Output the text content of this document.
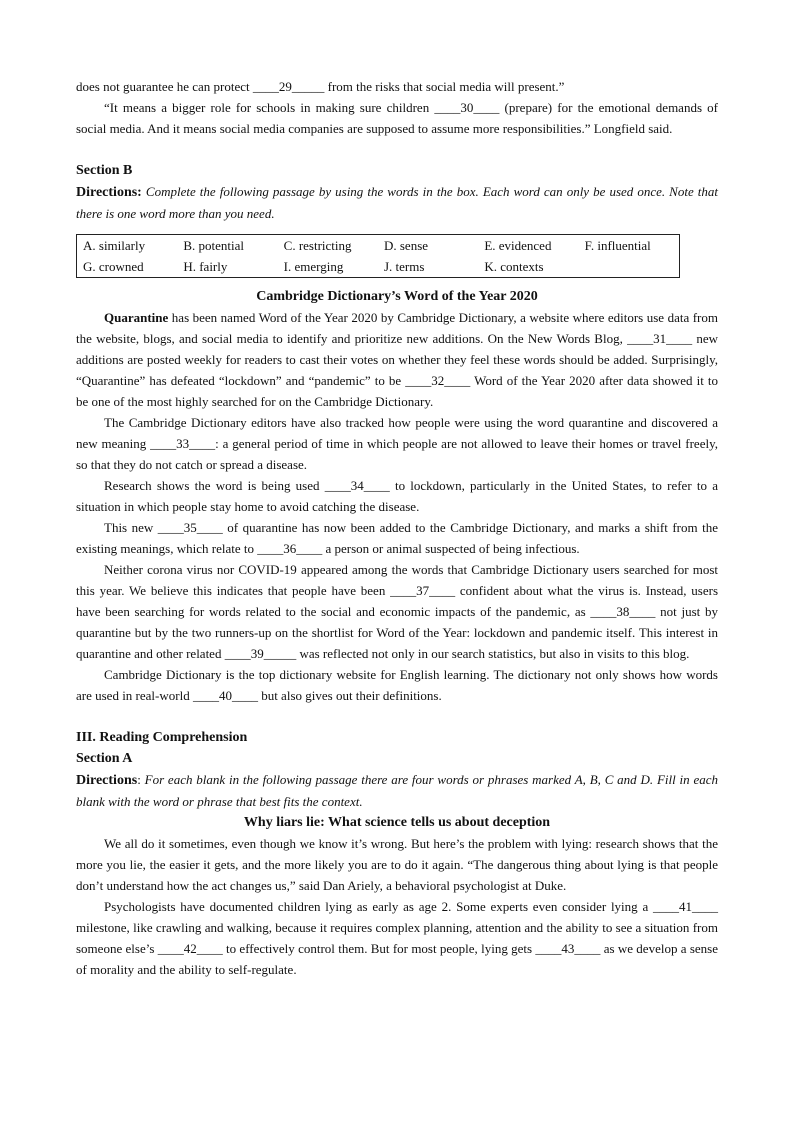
does not guarantee he can protect ____29_____ from the risks that social media will present.”

“It means a bigger role for schools in making sure children ____30____ (prepare) for the emotional demands of social media. And it means social media companies are supposed to assume more responsibilities.” Longfield said.

Section B

Directions: Complete the following passage by using the words in the box. Each word can only be used once. Note that there is one word more than you need.

A. similarly	B. potential	C. restricting	D. sense	E. evidenced	F. influential
G. crowned	H. fairly	I. emerging	J. terms	K. contexts
Cambridge Dictionary’s Word of the Year 2020

Quarantine has been named Word of the Year 2020 by Cambridge Dictionary, a website where editors use data from the website, blogs, and social media to identify and prioritize new additions. On the New Words Blog, ____31____ new additions are posted weekly for readers to cast their votes on whether they feel these words should be added. Surprisingly, “Quarantine” has defeated “lockdown” and “pandemic” to be ____32____ Word of the Year 2020 after data showed it to be one of the most highly searched for on the Cambridge Dictionary.

The Cambridge Dictionary editors have also tracked how people were using the word quarantine and discovered a new meaning ____33____: a general period of time in which people are not allowed to leave their homes or travel freely, so that they do not catch or spread a disease.

Research shows the word is being used ____34____ to lockdown, particularly in the United States, to refer to a situation in which people stay home to avoid catching the disease.

This new ____35____ of quarantine has now been added to the Cambridge Dictionary, and marks a shift from the existing meanings, which relate to ____36____ a person or animal suspected of being infectious.

Neither corona virus nor COVID-19 appeared among the words that Cambridge Dictionary users searched for most this year. We believe this indicates that people have been ____37____ confident about what the virus is. Instead, users have been searching for words related to the social and economic impacts of the pandemic, as ____38____ not just by quarantine but by the two runners-up on the shortlist for Word of the Year: lockdown and pandemic itself. This interest in quarantine and other related ____39_____ was reflected not only in our search statistics, but also in visits to this blog.

Cambridge Dictionary is the top dictionary website for English learning. The dictionary not only shows how words are used in real-world ____40____ but also gives out their definitions.

III. Reading Comprehension
Section A

Directions: For each blank in the following passage there are four words or phrases marked A, B, C and D. Fill in each blank with the word or phrase that best fits the context.

Why liars lie: What science tells us about deception

We all do it sometimes, even though we know it’s wrong. But here’s the problem with lying: research shows that the more you lie, the easier it gets, and the more likely you are to do it again. “The dangerous thing about lying is that people don’t understand how the act changes us,” said Dan Ariely, a behavioral psychologist at Duke.

Psychologists have documented children lying as early as age 2. Some experts even consider lying a ____41____ milestone, like crawling and walking, because it requires complex planning, attention and the ability to see a situation from someone else’s ____42____ to effectively control them. But for most people, lying gets ____43____ as we develop a sense of morality and the ability to self-regulate.
